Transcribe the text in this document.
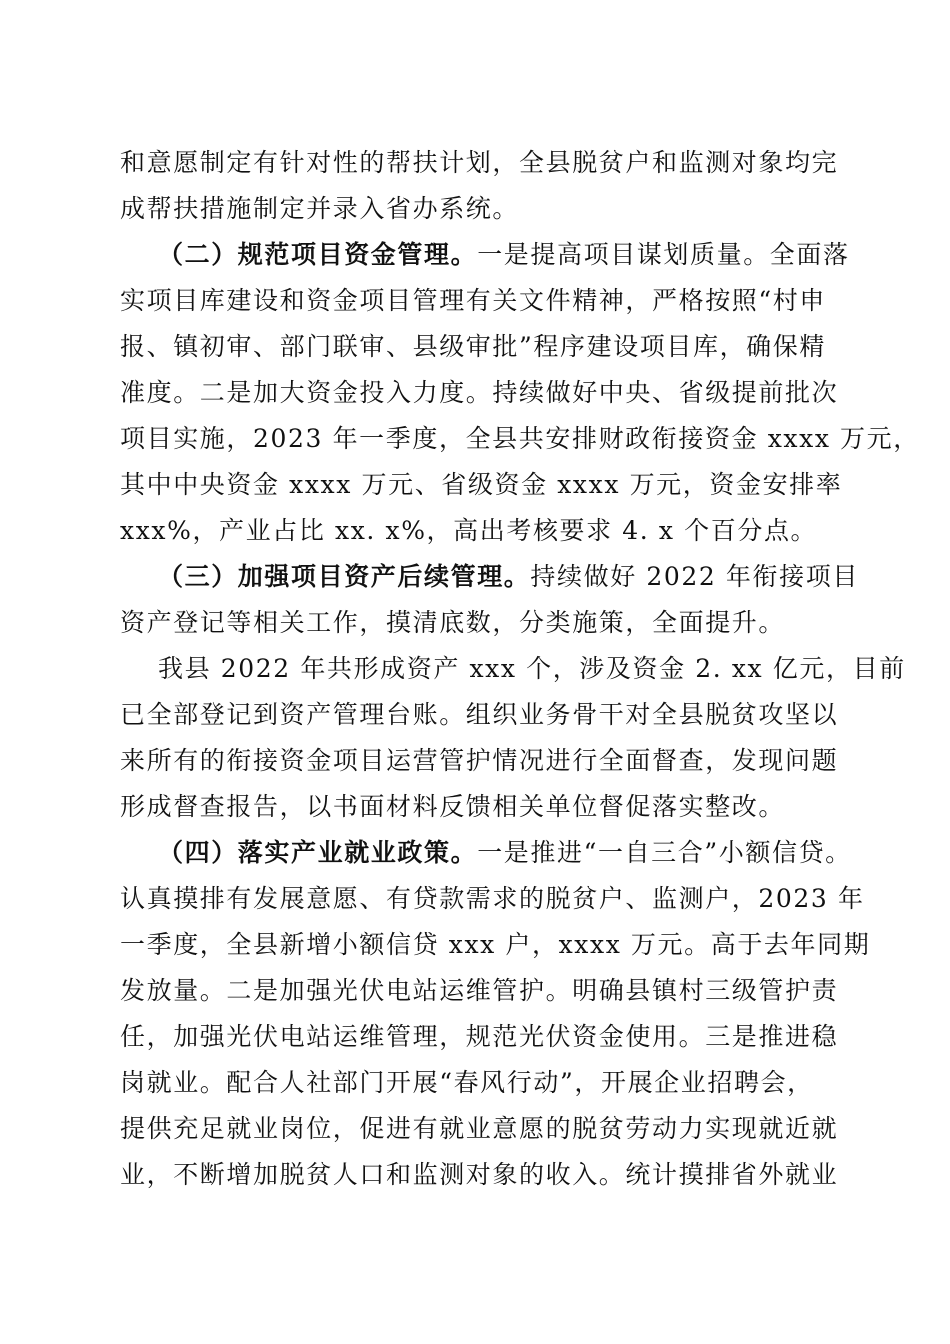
和意愿制定有针对性的帮扶计划，全县脱贫户和监测对象均完
成帮扶措施制定并录入省办系统。
（二）规范项目资金管理。一是提高项目谋划质量。全面落
实项目库建设和资金项目管理有关文件精神，严格按照“村申
报、镇初审、部门联审、县级审批”程序建设项目库，确保精
准度。二是加大资金投入力度。持续做好中央、省级提前批次
项目实施，2023 年一季度，全县共安排财政衔接资金 xxxx 万元，
其中中央资金 xxxx 万元、省级资金 xxxx 万元，资金安排率
xxx%，产业占比 xx. x%，高出考核要求 4. x 个百分点。
（三）加强项目资产后续管理。持续做好 2022 年衔接项目
资产登记等相关工作，摸清底数，分类施策，全面提升。
我县 2022 年共形成资产 xxx 个，涉及资金 2. xx 亿元，目前
已全部登记到资产管理台账。组织业务骨干对全县脱贫攻坚以
来所有的衔接资金项目运营管护情况进行全面督查，发现问题
形成督查报告，以书面材料反馈相关单位督促落实整改。
（四）落实产业就业政策。一是推进“一自三合”小额信贷。
认真摸排有发展意愿、有贷款需求的脱贫户、监测户，2023 年
一季度，全县新增小额信贷 xxx 户，xxxx 万元。高于去年同期
发放量。二是加强光伏电站运维管护。明确县镇村三级管护责
任，加强光伏电站运维管理，规范光伏资金使用。三是推进稳
岗就业。配合人社部门开展“春风行动”，开展企业招聘会，
提供充足就业岗位，促进有就业意愿的脱贫劳动力实现就近就
业，不断增加脱贫人口和监测对象的收入。统计摸排省外就业
